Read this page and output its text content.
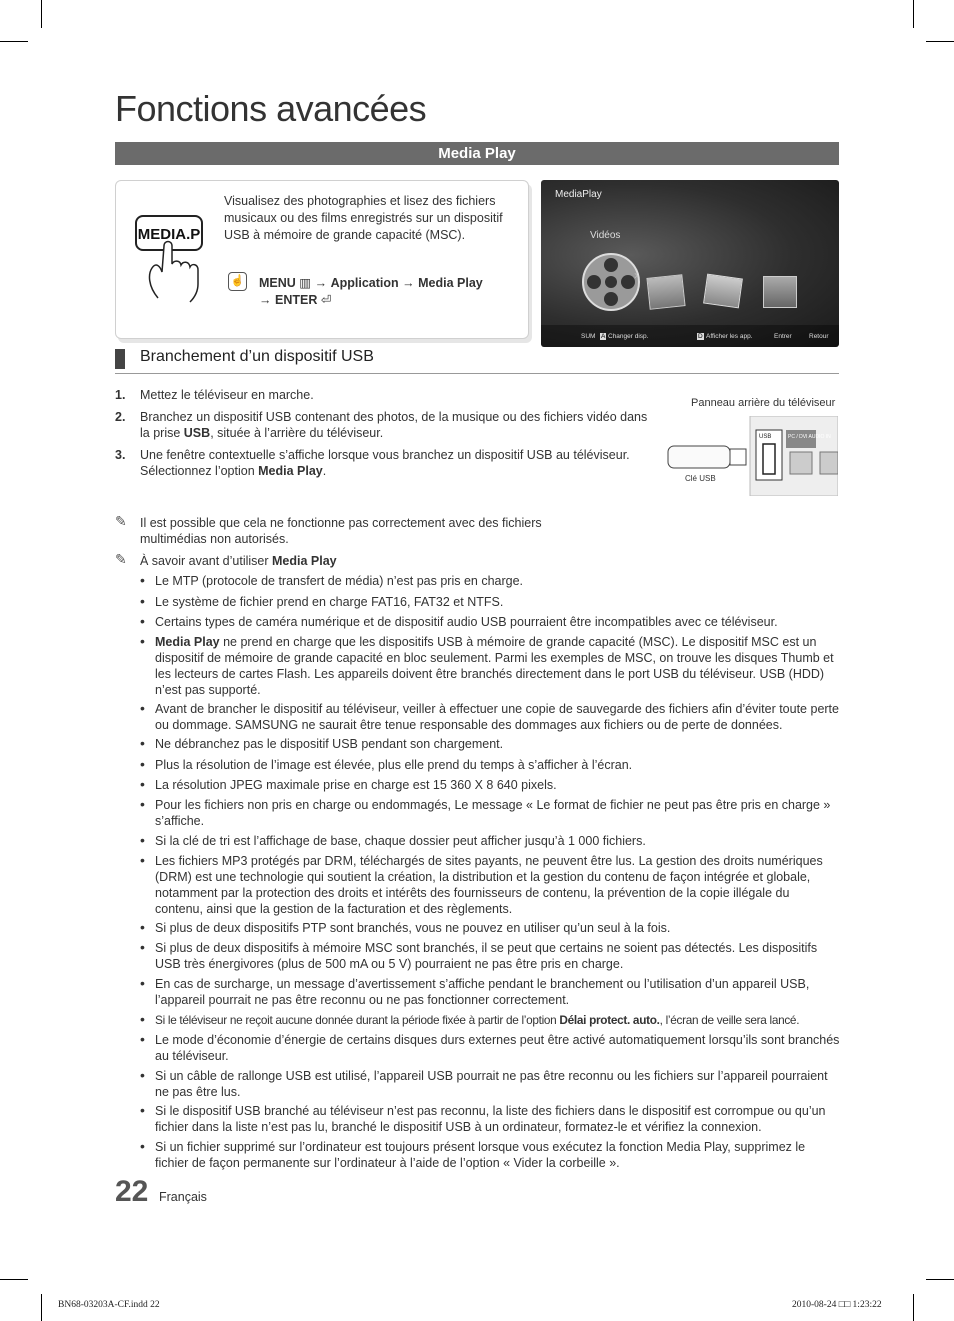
Fonctions avancées
Media Play
MEDIA.P
Visualisez des photographies et lisez des fichiers musicaux ou des films enregistrés sur un dispositif USB à mémoire de grande capacité (MSC).
☝ MENU ▥ → Application → Media Play
→ ENTER ⏎
MediaPlay
Vidéos
›
SUM A Changer disp.	D Afficher les app.	Entrer	Retour
Branchement d’un dispositif USB
1. Mettez le téléviseur en marche.
2. Branchez un dispositif USB contenant des photos, de la musique ou des fichiers vidéo dans la prise USB, située à l’arrière du téléviseur.
3. Une fenêtre contextuelle s’affiche lorsque vous branchez un dispositif USB au téléviseur. Sélectionnez l’option Media Play.
Panneau arrière du téléviseur
USB	PC / DVI AUDIO IN
Clé USB
✎ Il est possible que cela ne fonctionne pas correctement avec des fichiers multimédias non autorisés.
✎ À savoir avant d’utiliser Media Play
• Le MTP (protocole de transfert de média) n’est pas pris en charge.
• Le système de fichier prend en charge FAT16, FAT32 et NTFS.
• Certains types de caméra numérique et de dispositif audio USB pourraient être incompatibles avec ce téléviseur.
• Media Play ne prend en charge que les dispositifs USB à mémoire de grande capacité (MSC). Le dispositif MSC est un dispositif de mémoire de grande capacité en bloc seulement. Parmi les exemples de MSC, on trouve les disques Thumb et les lecteurs de cartes Flash. Les appareils doivent être branchés directement dans le port USB du téléviseur. USB (HDD) n’est pas supporté.
• Avant de brancher le dispositif au téléviseur, veiller à effectuer une copie de sauvegarde des fichiers afin d’éviter toute perte ou dommage. SAMSUNG ne saurait être tenue responsable des dommages aux fichiers ou de perte de données.
• Ne débranchez pas le dispositif USB pendant son chargement.
• Plus la résolution de l’image est élevée, plus elle prend du temps à s’afficher à l’écran.
• La résolution JPEG maximale prise en charge est 15 360 X 8 640 pixels.
• Pour les fichiers non pris en charge ou endommagés, Le message « Le format de fichier ne peut pas être pris en charge » s’affiche.
• Si la clé de tri est l’affichage de base, chaque dossier peut afficher jusqu’à 1 000 fichiers.
• Les fichiers MP3 protégés par DRM, téléchargés de sites payants, ne peuvent être lus. La gestion des droits numériques (DRM) est une technologie qui soutient la création, la distribution et la gestion du contenu de façon intégrée et globale, notamment par la protection des droits et intérêts des fournisseurs de contenu, la prévention de la copie illégale du contenu, ainsi que la gestion de la facturation et des règlements.
• Si plus de deux dispositifs PTP sont branchés, vous ne pouvez en utiliser qu’un seul à la fois.
• Si plus de deux dispositifs à mémoire MSC sont branchés, il se peut que certains ne soient pas détectés. Les dispositifs USB très énergivores (plus de 500 mA ou 5 V) pourraient ne pas être pris en charge.
• En cas de surcharge, un message d’avertissement s’affiche pendant le branchement ou l’utilisation d’un appareil USB, l’appareil pourrait ne pas être reconnu ou ne pas fonctionner correctement.
• Si le téléviseur ne reçoit aucune donnée durant la période fixée à partir de l’option Délai protect. auto., l’écran de veille sera lancé.
• Le mode d’économie d’énergie de certains disques durs externes peut être activé automatiquement lorsqu’ils sont branchés au téléviseur.
• Si un câble de rallonge USB est utilisé, l’appareil USB pourrait ne pas être reconnu ou les fichiers sur l’appareil pourraient ne pas être lus.
• Si le dispositif USB branché au téléviseur n’est pas reconnu, la liste des fichiers dans le dispositif est corrompue ou qu’un fichier dans la liste n’est pas lu, branché le dispositif USB à un ordinateur, formatez-le et vérifiez la connexion.
• Si un fichier supprimé sur l’ordinateur est toujours présent lorsque vous exécutez la fonction Media Play, supprimez le fichier de façon permanente sur l’ordinateur à l’aide de l’option « Vider la corbeille ».
22 Français
BN68-03203A-CF.indd 22	2010-08-24 □□ 1:23:22
